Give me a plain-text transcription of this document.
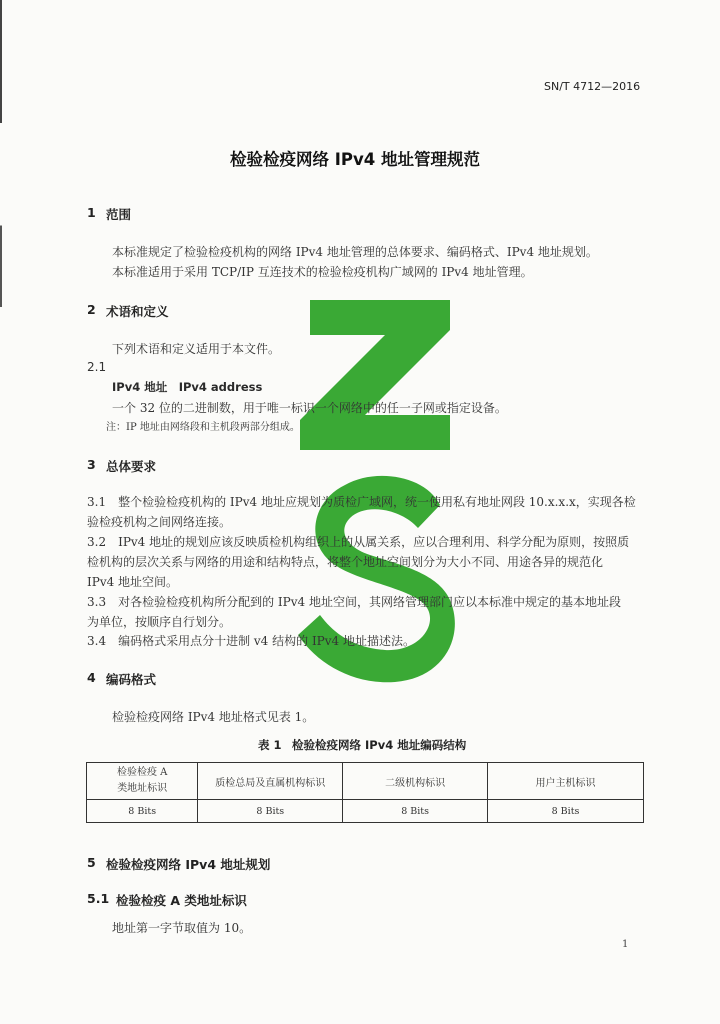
SN/T 4712—2016
检验检疫网络 IPv4 地址管理规范
1 范围
本标准规定了检验检疫机构的网络 IPv4 地址管理的总体要求、编码格式、IPv4 地址规划。
本标准适用于采用 TCP/IP 互连技术的检验检疫机构广域网的 IPv4 地址管理。
2 术语和定义
下列术语和定义适用于本文件。
2.1
IPv4 地址　IPv4 address
一个 32 位的二进制数，用于唯一标识一个网络中的任一子网或指定设备。
注：IP 地址由网络段和主机段两部分组成。
3 总体要求
3.1　整个检验检疫机构的 IPv4 地址应规划为质检广域网，统一使用私有地址网段 10.x.x.x，实现各检
验检疫机构之间网络连接。
3.2　IPv4 地址的规划应该反映质检机构组织上的从属关系，应以合理利用、科学分配为原则，按照质
检机构的层次关系与网络的用途和结构特点，将整个地址空间划分为大小不同、用途各异的规范化
IPv4 地址空间。
3.3　对各检验检疫机构所分配到的 IPv4 地址空间，其网络管理部门应以本标准中规定的基本地址段
为单位，按顺序自行划分。
3.4　编码格式采用点分十进制 v4 结构的 IPv4 地址描述法。
4 编码格式
检验检疫网络 IPv4 地址格式见表 1。
表 1 检验检疫网络 IPv4 地址编码结构
检验检疫 A
类地址标识	质检总局及直属机构标识	二级机构标识	用户主机标识
8 Bits	8 Bits	8 Bits	8 Bits
5 检验检疫网络 IPv4 地址规划
5.1 检验检疫 A 类地址标识
地址第一字节取值为 10。
1
